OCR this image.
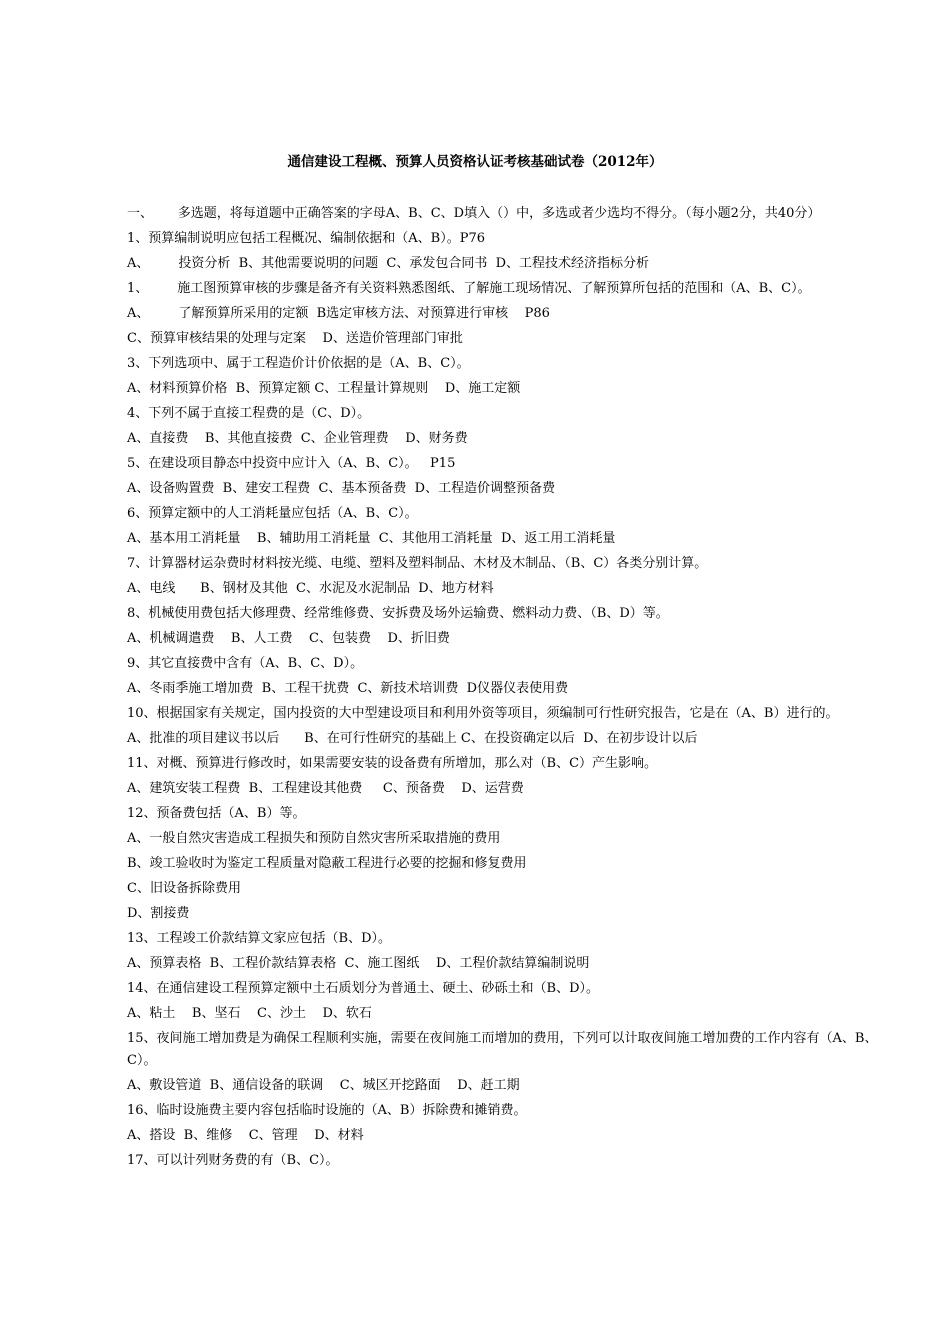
通信建设工程概、预算人员资格认证考核基础试卷（2012年）
一、      多选题，将每道题中正确答案的字母A、B、C、D填入（）中，多选或者少选均不得分。（每小题2分，共40分）
1、预算编制说明应包括工程概况、编制依据和（A、B）。P76
A、       投资分析  B、其他需要说明的问题  C、承发包合同书  D、工程技术经济指标分析
1、       施工图预算审核的步骤是备齐有关资料熟悉图纸、了解施工现场情况、了解预算所包括的范围和（A、B、C）。
A、       了解预算所采用的定额  B选定审核方法、对预算进行审核    P86
C、预算审核结果的处理与定案    D、送造价管理部门审批
3、下列选项中、属于工程造价计价依据的是（A、B、C）。
A、材料预算价格  B、预算定额 C、工程量计算规则    D、施工定额
4、下列不属于直接工程费的是（C、D）。
A、直接费    B、其他直接费  C、企业管理费    D、财务费
5、在建设项目静态中投资中应计入（A、B、C）。   P15
A、设备购置费  B、建安工程费  C、基本预备费  D、工程造价调整预备费
6、预算定额中的人工消耗量应包括（A、B、C）。
A、基本用工消耗量    B、辅助用工消耗量  C、其他用工消耗量  D、返工用工消耗量
7、计算器材运杂费时材料按光缆、电缆、塑料及塑料制品、木材及木制品、（B、C）各类分别计算。
A、电线      B、钢材及其他  C、水泥及水泥制品  D、地方材料
8、机械使用费包括大修理费、经常维修费、安拆费及场外运输费、燃料动力费、（B、D）等。
A、机械调遣费    B、人工费    C、包装费    D、折旧费
9、其它直接费中含有（A、B、C、D）。
A、冬雨季施工增加费  B、工程干扰费  C、新技术培训费  D仪器仪表使用费
10、根据国家有关规定，国内投资的大中型建设项目和利用外资等项目，须编制可行性研究报告，它是在（A、B）进行的。
A、批准的项目建议书以后      B、在可行性研究的基础上 C、在投资确定以后  D、在初步设计以后
11、对概、预算进行修改时，如果需要安装的设备费有所增加，那么对（B、C）产生影响。
A、建筑安装工程费  B、工程建设其他费     C、预备费    D、运营费
12、预备费包括（A、B）等。
A、一般自然灾害造成工程损失和预防自然灾害所采取措施的费用
B、竣工验收时为鉴定工程质量对隐蔽工程进行必要的挖掘和修复费用
C、旧设备拆除费用
D、割接费
13、工程竣工价款结算文家应包括（B、D）。
A、预算表格  B、工程价款结算表格  C、施工图纸    D、工程价款结算编制说明
14、在通信建设工程预算定额中土石质划分为普通土、硬土、砂砾土和（B、D）。
A、粘土    B、坚石    C、沙土    D、软石
15、夜间施工增加费是为确保工程顺利实施，需要在夜间施工而增加的费用，下列可以计取夜间施工增加费的工作内容有（A、B、C）。
A、敷设管道  B、通信设备的联调    C、城区开挖路面    D、赶工期
16、临时设施费主要内容包括临时设施的（A、B）拆除费和摊销费。
A、搭设  B、维修    C、管理    D、材料
17、可以计列财务费的有（B、C）。
